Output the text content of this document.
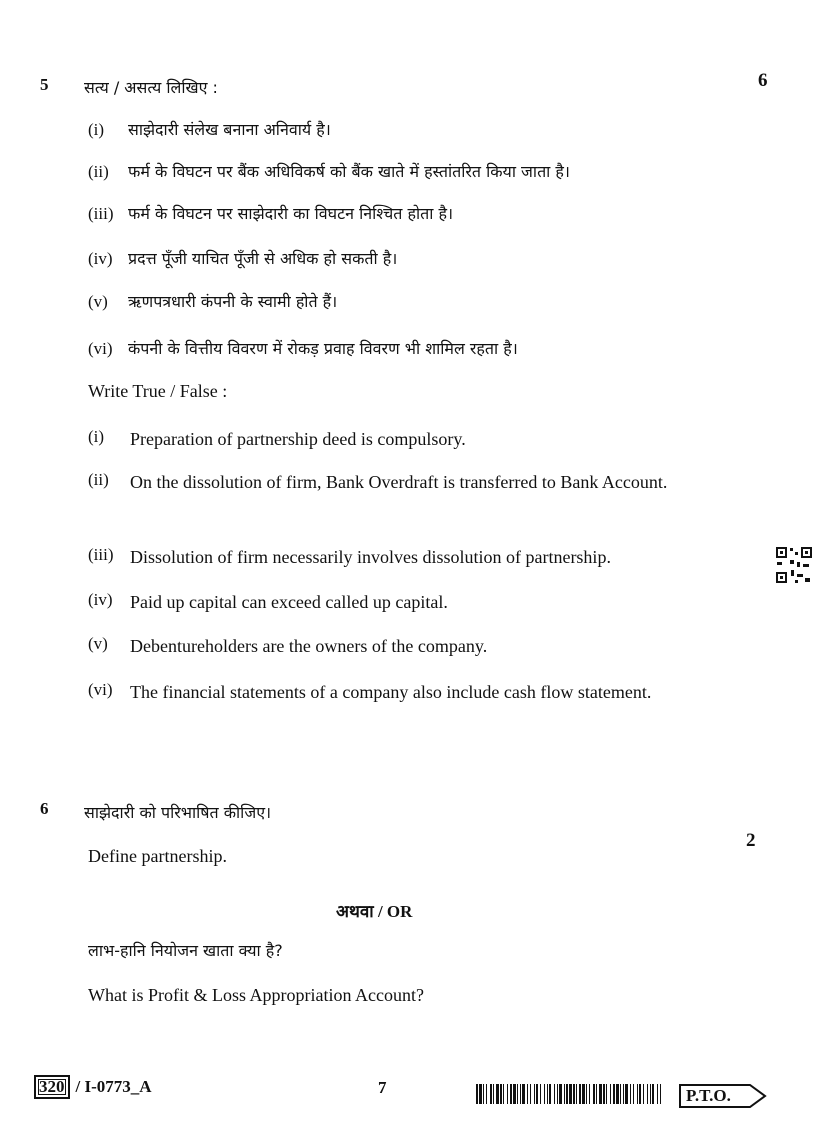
5 सत्य / असत्य लिखिए :	6
(i) साझेदारी संलेख बनाना अनिवार्य है।
(ii) फर्म के विघटन पर बैंक अधिविकर्ष को बैंक खाते में हस्तांतरित किया जाता है।
(iii) फर्म के विघटन पर साझेदारी का विघटन निश्चित होता है।
(iv) प्रदत्त पूँजी याचित पूँजी से अधिक हो सकती है।
(v) ऋणपत्रधारी कंपनी के स्वामी होते हैं।
(vi) कंपनी के वित्तीय विवरण में रोकड़ प्रवाह विवरण भी शामिल रहता है।
Write True / False :
(i) Preparation of partnership deed is compulsory.
(ii) On the dissolution of firm, Bank Overdraft is transferred to Bank Account.
(iii) Dissolution of firm necessarily involves dissolution of partnership.
(iv) Paid up capital can exceed called up capital.
(v) Debentureholders are the owners of the company.
(vi) The financial statements of a company also include cash flow statement.
6 साझेदारी को परिभाषित कीजिए।
2
Define partnership.
अथवा / OR
लाभ-हानि नियोजन खाता क्या है?
What is Profit & Loss Appropriation Account?
320 / I-0773_A	7	P.T.O.
